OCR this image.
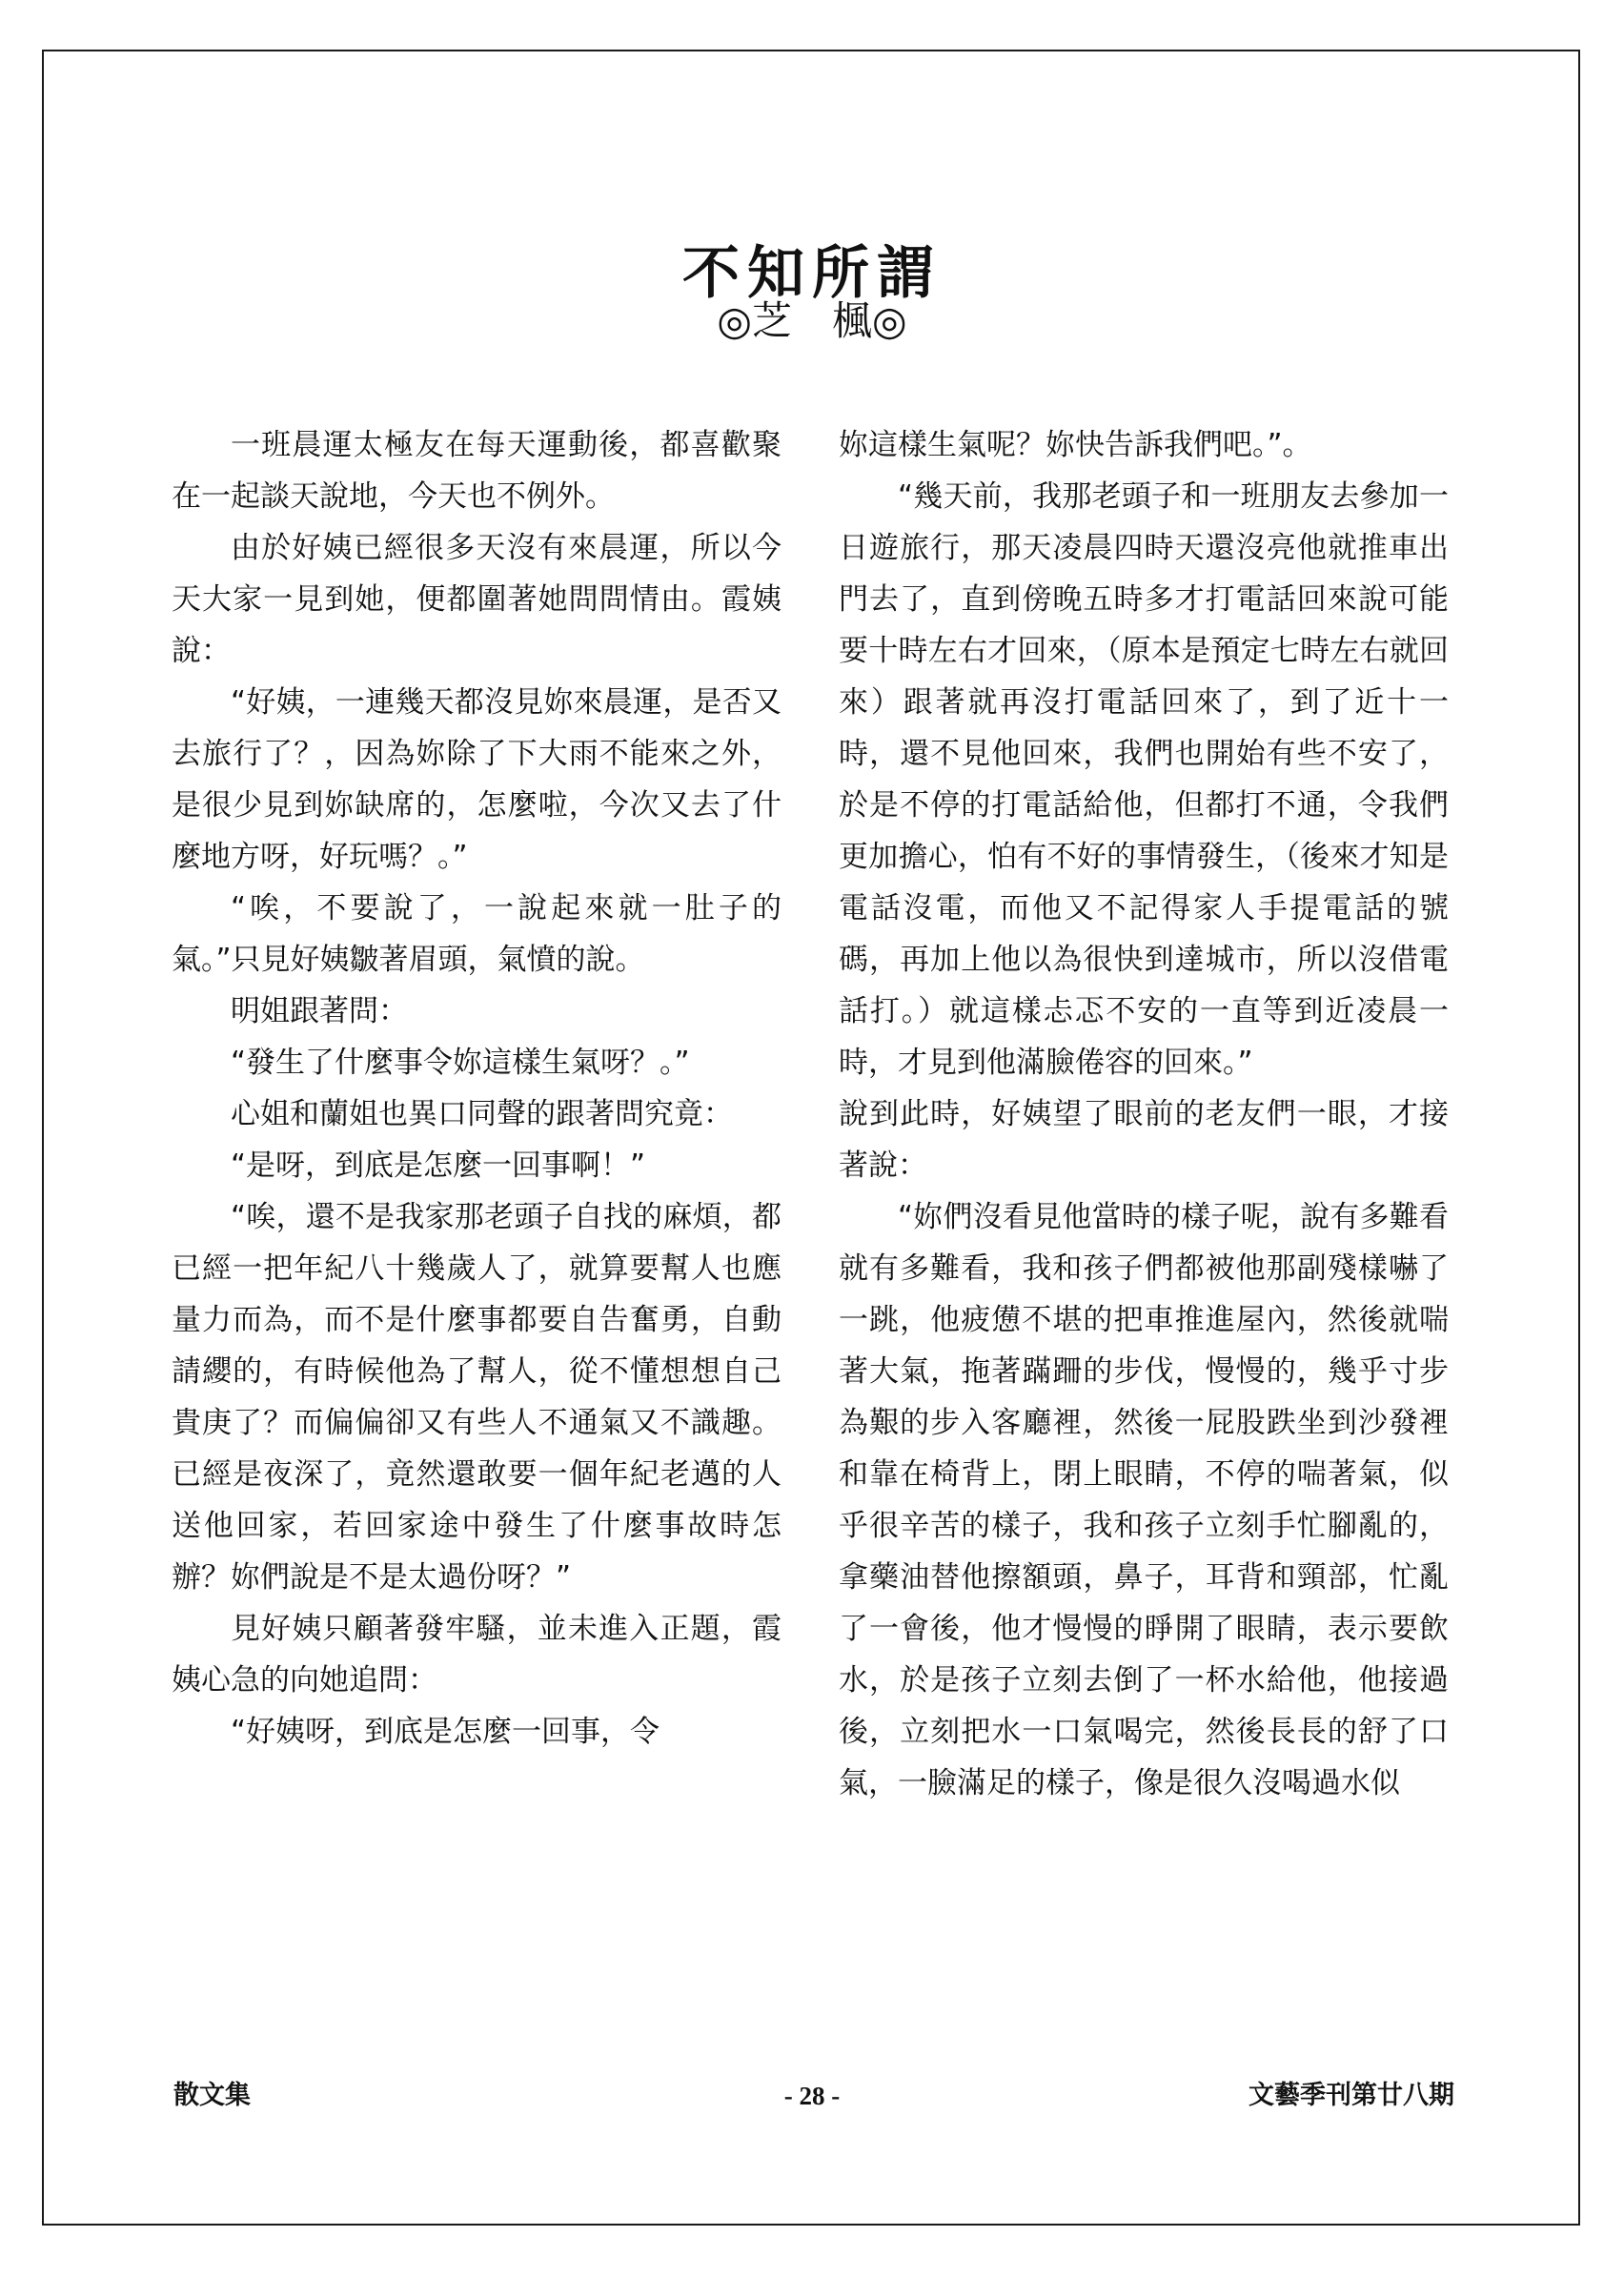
不知所謂
◎芝　楓◎

一班晨運太極友在每天運動後，都喜歡聚在一起談天說地，今天也不例外。

由於好姨已經很多天沒有來晨運，所以今天大家一見到她，便都圍著她問問情由。霞姨說：

“好姨，一連幾天都沒見妳來晨運，是否又去旅行了？，因為妳除了下大雨不能來之外，是很少見到妳缺席的，怎麼啦，今次又去了什麼地方呀，好玩嗎？。”

“唉，不要說了，一說起來就一肚子的氣。”只見好姨皺著眉頭，氣憤的說。

明姐跟著問：

“發生了什麼事令妳這樣生氣呀？。”

心姐和蘭姐也異口同聲的跟著問究竟：

“是呀，到底是怎麼一回事啊！”

“唉，還不是我家那老頭子自找的麻煩，都已經一把年紀八十幾歲人了，就算要幫人也應量力而為，而不是什麼事都要自告奮勇，自動請纓的，有時候他為了幫人，從不懂想想自己貴庚了？而偏偏卻又有些人不通氣又不識趣。已經是夜深了，竟然還敢要一個年紀老邁的人送他回家，若回家途中發生了什麼事故時怎辦？妳們說是不是太過份呀？”

見好姨只顧著發牢騷，並未進入正題，霞姨心急的向她追問：

“好姨呀，到底是怎麼一回事，令

妳這樣生氣呢？妳快告訴我們吧。”。

“幾天前，我那老頭子和一班朋友去參加一日遊旅行，那天凌晨四時天還沒亮他就推車出門去了，直到傍晚五時多才打電話回來說可能要十時左右才回來，（原本是預定七時左右就回來）跟著就再沒打電話回來了，到了近十一時，還不見他回來，我們也開始有些不安了，於是不停的打電話給他，但都打不通，令我們更加擔心，怕有不好的事情發生，（後來才知是電話沒電，而他又不記得家人手提電話的號碼，再加上他以為很快到達城市，所以沒借電話打。）就這樣忐忑不安的一直等到近凌晨一時，才見到他滿臉倦容的回來。”

說到此時，好姨望了眼前的老友們一眼，才接著說：

“妳們沒看見他當時的樣子呢，說有多難看就有多難看，我和孩子們都被他那副殘樣嚇了一跳，他疲憊不堪的把車推進屋內，然後就喘著大氣，拖著蹣跚的步伐，慢慢的，幾乎寸步為艱的步入客廳裡，然後一屁股跌坐到沙發裡和靠在椅背上，閉上眼睛，不停的喘著氣，似乎很辛苦的樣子，我和孩子立刻手忙腳亂的，拿藥油替他擦額頭，鼻子，耳背和頸部，忙亂了一會後，他才慢慢的睜開了眼睛，表示要飲水，於是孩子立刻去倒了一杯水給他，他接過後，立刻把水一口氣喝完，然後長長的舒了口氣，一臉滿足的樣子，像是很久沒喝過水似

散文集	- 28 -	文藝季刊第廿八期
